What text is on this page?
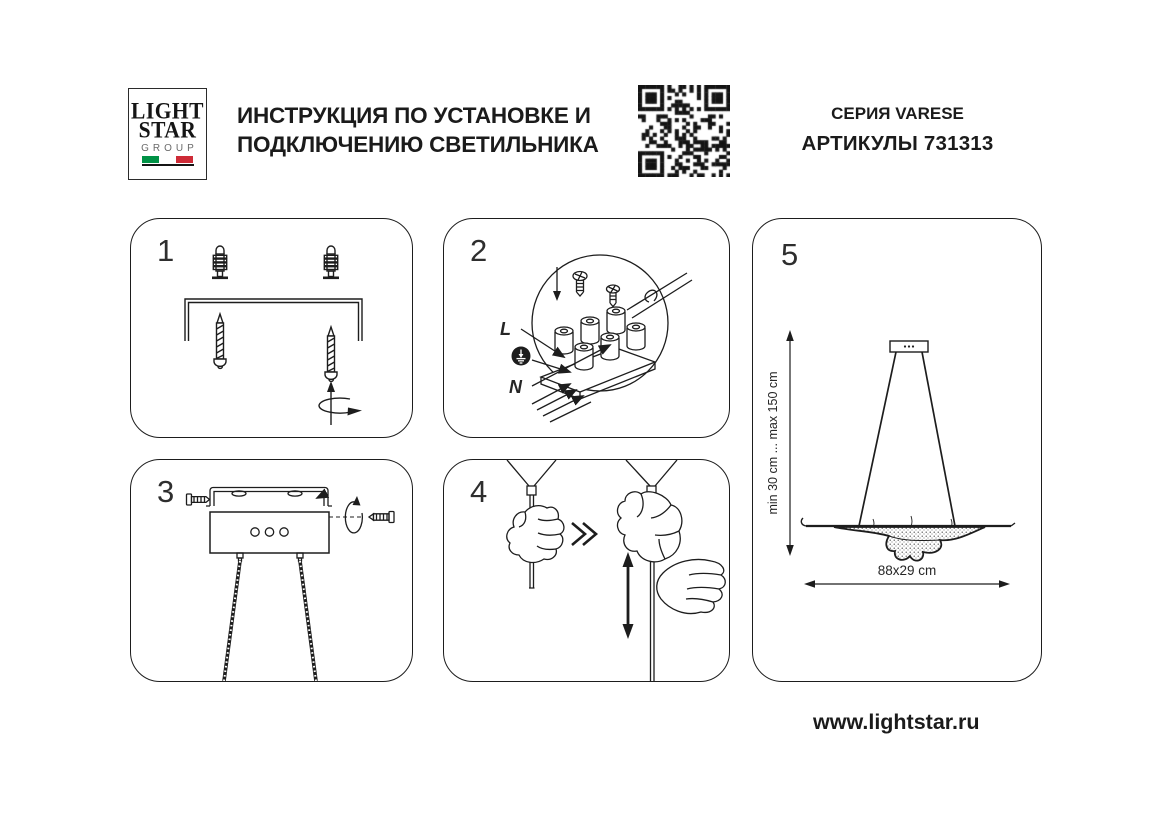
LIGHT
STAR
GROUP
ИНСТРУКЦИЯ ПО УСТАНОВКЕ И
ПОДКЛЮЧЕНИЮ СВЕТИЛЬНИКА
СЕРИЯ VARESE
АРТИКУЛЫ 731313
1	2
L
N
3	4
5
min 30 cm ... max 150 cm
88x29 cm
www.lightstar.ru
